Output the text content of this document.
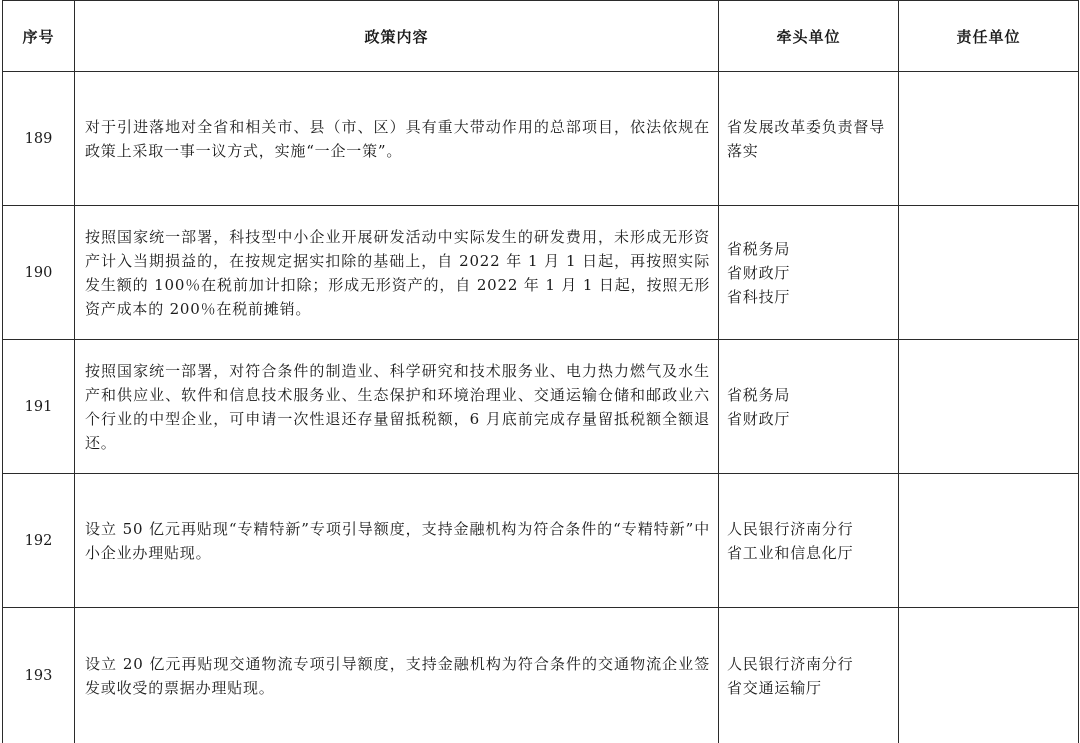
序号	政策内容	牵头单位	责任单位
189	对于引进落地对全省和相关市、县（市、区）具有重大带动作用的总部项目，依法依规在政策上采取一事一议方式，实施“一企一策”。	省发展改革委负责督导落实	

190	按照国家统一部署，科技型中小企业开展研发活动中实际发生的研发费用，未形成无形资产计入当期损益的，在按规定据实扣除的基础上，自 2022 年 1 月 1 日起，再按照实际发生额的 100％在税前加计扣除；形成无形资产的，自 2022 年 1 月 1 日起，按照无形资产成本的 200％在税前摊销。	省税务局
省财政厅
省科技厅	

191	按照国家统一部署，对符合条件的制造业、科学研究和技术服务业、电力热力燃气及水生产和供应业、软件和信息技术服务业、生态保护和环境治理业、交通运输仓储和邮政业六个行业的中型企业，可申请一次性退还存量留抵税额，6 月底前完成存量留抵税额全额退还。	省税务局
省财政厅	

192	设立 50 亿元再贴现“专精特新”专项引导额度，支持金融机构为符合条件的“专精特新”中小企业办理贴现。	人民银行济南分行
省工业和信息化厅	

193	设立 20 亿元再贴现交通物流专项引导额度，支持金融机构为符合条件的交通物流企业签发或收受的票据办理贴现。	人民银行济南分行
省交通运输厅	
